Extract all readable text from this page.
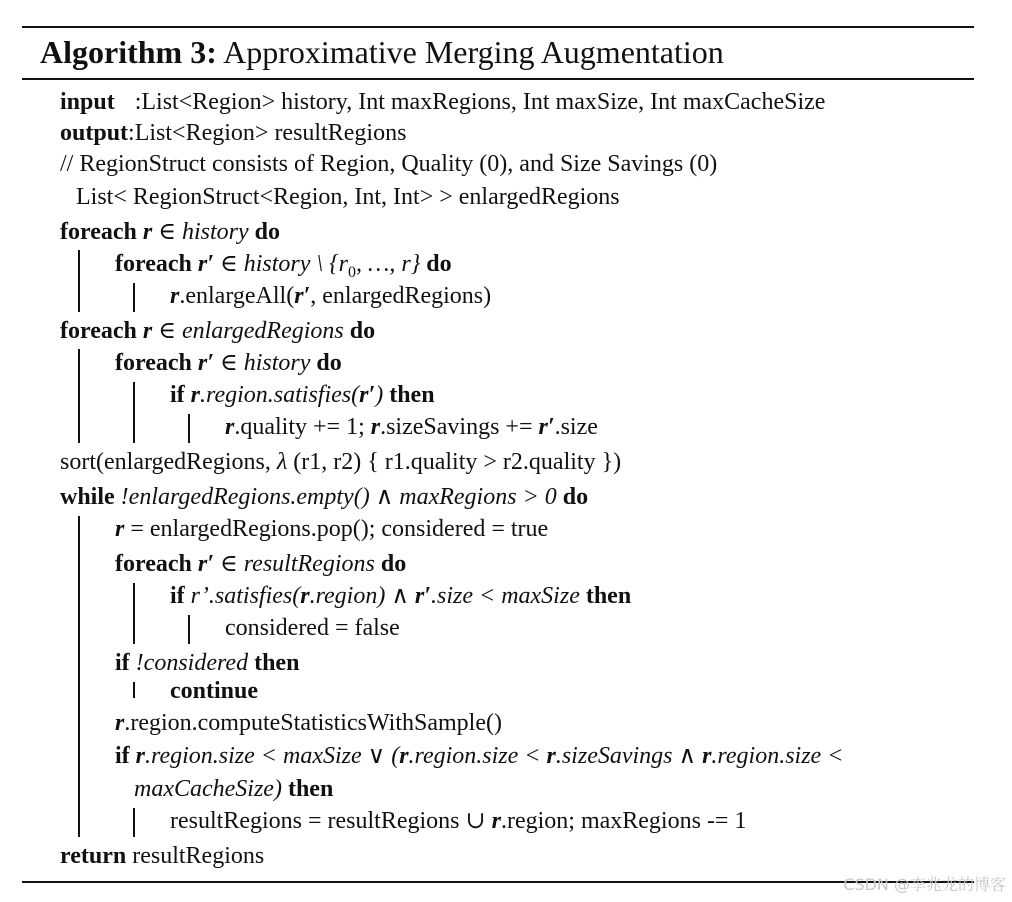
Algorithm 3: Approximative Merging Augmentation
input :List<Region> history, Int maxRegions, Int maxSize, Int maxCacheSize
output:List<Region> resultRegions
// RegionStruct consists of Region, Quality (0), and Size Savings (0)
List< RegionStruct<Region, Int, Int> > enlargedRegions
foreach r ∈ history do
foreach r′ ∈ history \ {$r_0$, …, r} do
r.enlargeAll(r′, enlargedRegions)
foreach r ∈ enlargedRegions do
foreach r′ ∈ history do
if r.region.satisfies(r′) then
r.quality += 1; r.sizeSavings += r′.size
sort(enlargedRegions, λ (r1, r2) { r1.quality > r2.quality })
while !enlargedRegions.empty() ∧ maxRegions > 0 do
r = enlargedRegions.pop(); considered = true
foreach r′ ∈ resultRegions do
if r’.satisfies(r.region) ∧ r′.size < maxSize then
considered = false
if !considered then
continue
r.region.computeStatisticsWithSample()
if r.region.size < maxSize ∨ (r.region.size < r.sizeSavings ∧ r.region.size <
maxCacheSize) then
resultRegions = resultRegions ∪ r.region; maxRegions -= 1
return resultRegions
CSDN @李兆龙的博客
